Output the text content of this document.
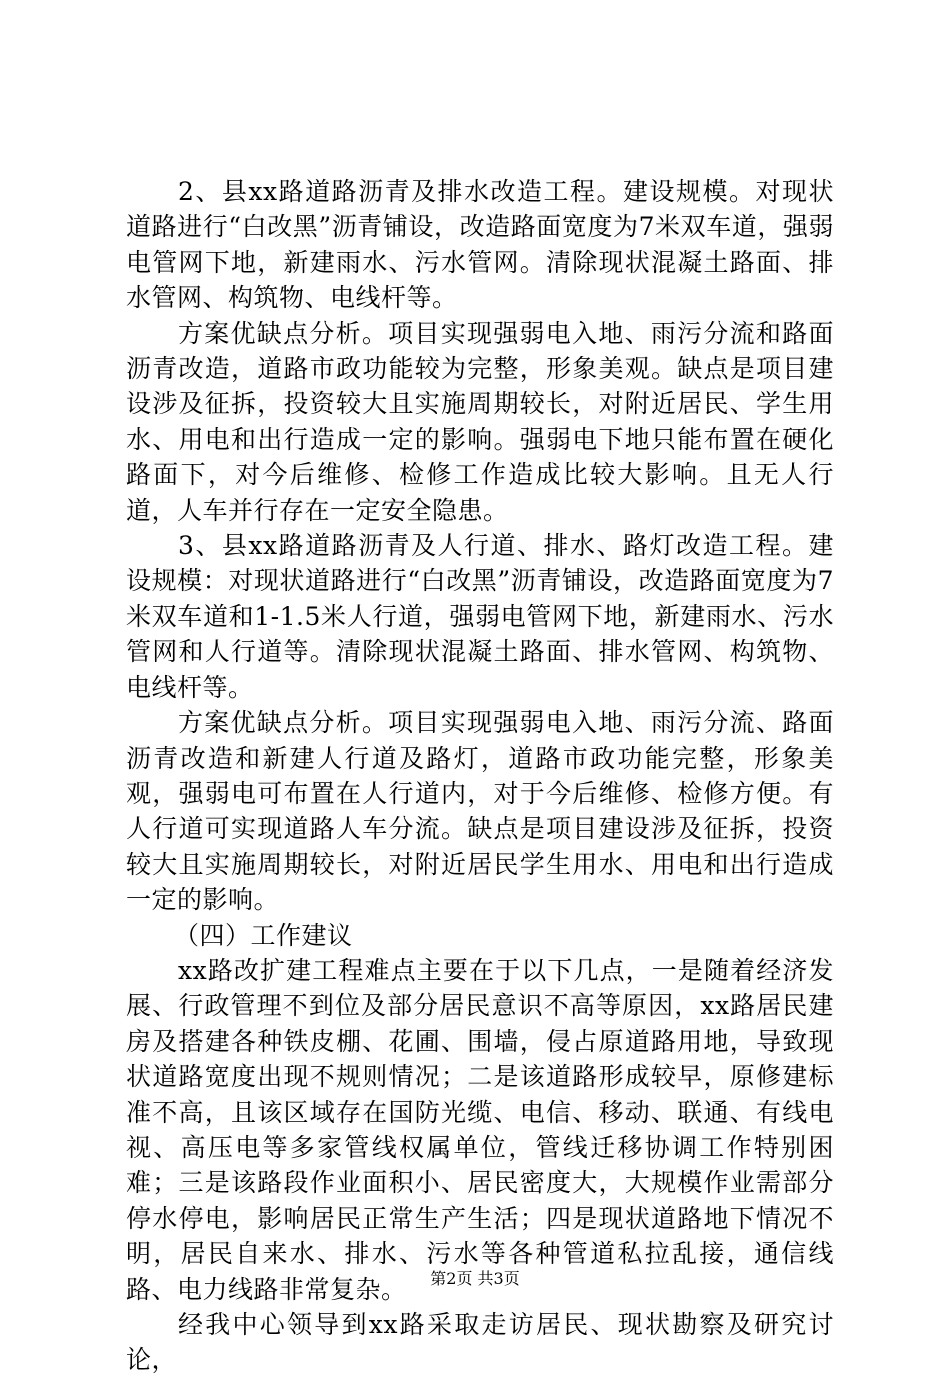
2、县xx路道路沥青及排水改造工程。建设规模。对现状道路进行“白改黑”沥青铺设，改造路面宽度为7米双车道，强弱电管网下地，新建雨水、污水管网。清除现状混凝土路面、排水管网、构筑物、电线杆等。

方案优缺点分析。项目实现强弱电入地、雨污分流和路面沥青改造，道路市政功能较为完整，形象美观。缺点是项目建设涉及征拆，投资较大且实施周期较长，对附近居民、学生用水、用电和出行造成一定的影响。强弱电下地只能布置在硬化路面下，对今后维修、检修工作造成比较大影响。且无人行道，人车并行存在一定安全隐患。

3、县xx路道路沥青及人行道、排水、路灯改造工程。建设规模：对现状道路进行“白改黑”沥青铺设，改造路面宽度为7米双车道和1-1.5米人行道，强弱电管网下地，新建雨水、污水管网和人行道等。清除现状混凝土路面、排水管网、构筑物、电线杆等。

方案优缺点分析。项目实现强弱电入地、雨污分流、路面沥青改造和新建人行道及路灯，道路市政功能完整，形象美观，强弱电可布置在人行道内，对于今后维修、检修方便。有人行道可实现道路人车分流。缺点是项目建设涉及征拆，投资较大且实施周期较长，对附近居民学生用水、用电和出行造成一定的影响。

（四）工作建议

xx路改扩建工程难点主要在于以下几点，一是随着经济发展、行政管理不到位及部分居民意识不高等原因，xx路居民建房及搭建各种铁皮棚、花圃、围墙，侵占原道路用地，导致现状道路宽度出现不规则情况；二是该道路形成较早，原修建标准不高，且该区域存在国防光缆、电信、移动、联通、有线电视、高压电等多家管线权属单位，管线迁移协调工作特别困难；三是该路段作业面积小、居民密度大，大规模作业需部分停水停电，影响居民正常生产生活；四是现状道路地下情况不明，居民自来水、排水、污水等各种管道私拉乱接，通信线路、电力线路非常复杂。

经我中心领导到xx路采取走访居民、现状勘察及研究讨论，

第2页 共3页
